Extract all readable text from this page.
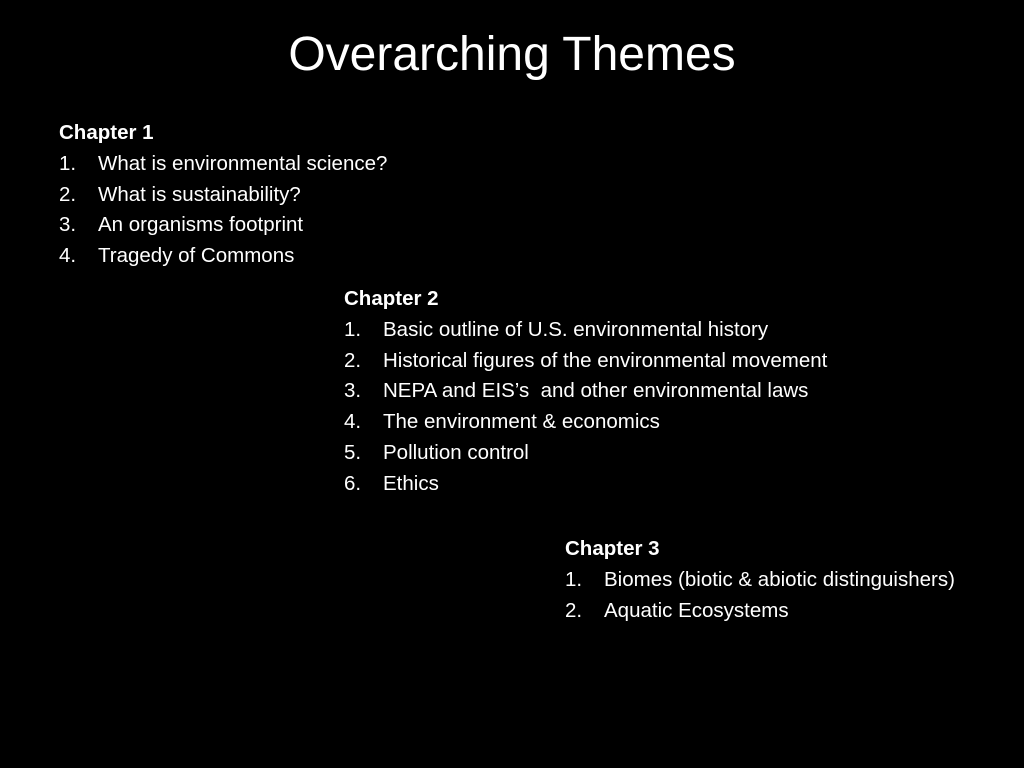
Overarching Themes

Chapter 1

1.	What is environmental science?
2.	What is sustainability?
3.	An organisms footprint
4.	Tragedy of Commons

Chapter 2

1.	Basic outline of U.S. environmental history
2.	Historical figures of the environmental movement
3.	NEPA and EIS’s  and other environmental laws
4.	The environment & economics
5.	Pollution control
6.	Ethics

Chapter 3

1.	Biomes (biotic & abiotic distinguishers)
2.	Aquatic Ecosystems
